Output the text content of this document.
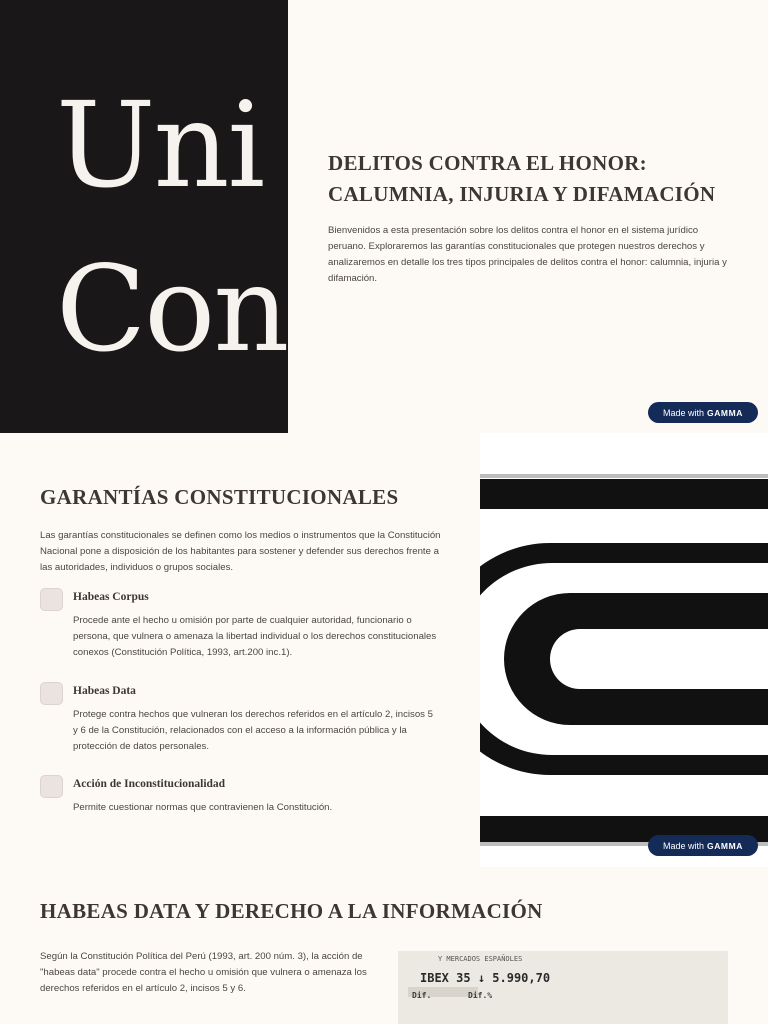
Uni
Con
DELITOS CONTRA EL HONOR:
CALUMNIA, INJURIA Y DIFAMACIÓN

Bienvenidos a esta presentación sobre los delitos contra el honor en el sistema jurídico peruano. Exploraremos las garantías constitucionales que protegen nuestros derechos y analizaremos en detalle los tres tipos principales de delitos contra el honor: calumnia, injuria y difamación.

Made with GAMMA
GARANTÍAS CONSTITUCIONALES

Las garantías constitucionales se definen como los medios o instrumentos que la Constitución Nacional pone a disposición de los habitantes para sostener y defender sus derechos frente a las autoridades, individuos o grupos sociales.

Habeas Corpus
Procede ante el hecho u omisión por parte de cualquier autoridad, funcionario o persona, que vulnera o amenaza la libertad individual o los derechos constitucionales conexos (Constitución Política, 1993, art.200 inc.1).
Habeas Data
Protege contra hechos que vulneran los derechos referidos en el artículo 2, incisos 5 y 6 de la Constitución, relacionados con el acceso a la información pública y la protección de datos personales.
Acción de Inconstitucionalidad
Permite cuestionar normas que contravienen la Constitución.
Made with GAMMA
HABEAS DATA Y DERECHO A LA INFORMACIÓN

Según la Constitución Política del Perú (1993, art. 200 núm. 3), la acción de "habeas data" procede contra el hecho u omisión que vulnera o amenaza los derechos referidos en el artículo 2, incisos 5 y 6.

Y MERCADOS ESPAÑOLES
IBEX 35 ↓ 5.990,70
Dif.	Dif.%
